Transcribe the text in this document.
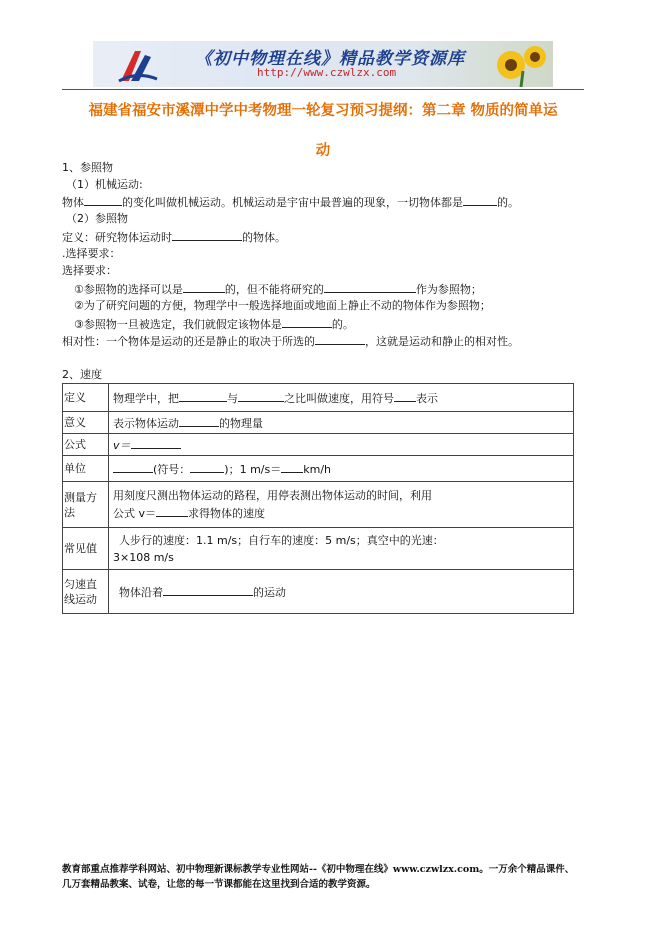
《初中物理在线》精品教学资源库
http://www.czwlzx.com
福建省福安市溪潭中学中考物理一轮复习预习提纲：第二章 物质的简单运
动
1、参照物
（1）机械运动:
物体	的变化叫做机械运动。机械运动是宇宙中最普遍的现象，一切物体都是	的。
（2）参照物
定义：研究物体运动时	的物体。
.选择要求：
选择要求：
①参照物的选择可以是	的，但不能将研究的	作为参照物；
②为了研究问题的方便，物理学中一般选择地面或地面上静止不动的物体作为参照物；
③参照物一旦被选定，我们就假定该物体是	的。
相对性：一个物体是运动的还是静止的取决于所选的	，这就是运动和静止的相对性。
2、速度
定义	物理学中，把 与 之比叫做速度，用符号 表示
意义	表示物体运动 的物理量
公式	v＝
单位	(符号： )；1 m/s＝ km/h
测量方法	用刻度尺测出物体运动的路程，用停表测出物体运动的时间，利用
公式 v＝ 求得物体的速度

常见值	人步行的速度：1.1 m/s；自行车的速度：5 m/s；真空中的光速：
3×108 m/s

匀速直线运动	物体沿着 的运动
教育部重点推荐学科网站、初中物理新课标教学专业性网站--《初中物理在线》www.czwlzx.com。一万余个精品课件、
几万套精品教案、试卷，让您的每一节课都能在这里找到合适的教学资源。
